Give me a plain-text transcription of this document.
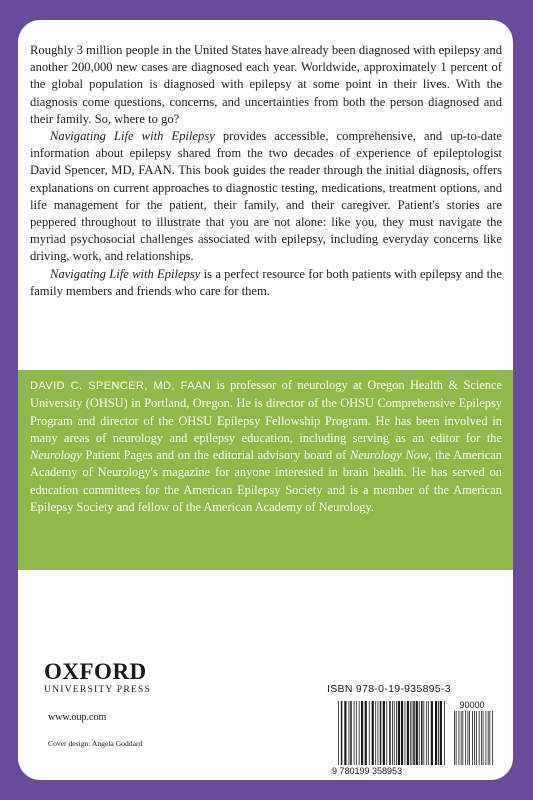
Roughly 3 million people in the United States have already been diagnosed with epilepsy and another 200,000 new cases are diagnosed each year. Worldwide, approximately 1 percent of the global population is diagnosed with epilepsy at some point in their lives. With the diagnosis come questions, concerns, and uncertainties from both the person diagnosed and their family. So, where to go?

Navigating Life with Epilepsy provides accessible, comprehensive, and up-to-date information about epilepsy shared from the two decades of experience of epileptologist David Spencer, MD, FAAN. This book guides the reader through the initial diagnosis, offers explanations on current approaches to diagnostic testing, medications, treatment options, and life management for the patient, their family, and their caregiver. Patient's stories are peppered throughout to illustrate that you are not alone: like you, they must navigate the myriad psychosocial challenges associated with epilepsy, including everyday concerns like driving, work, and relationships.

Navigating Life with Epilepsy is a perfect resource for both patients with epilepsy and the family members and friends who care for them.

DAVID C. SPENCER, MD, FAAN is professor of neurology at Oregon Health & Science University (OHSU) in Portland, Oregon. He is director of the OHSU Comprehensive Epilepsy Program and director of the OHSU Epilepsy Fellowship Program. He has been involved in many areas of neurology and epilepsy education, including serving as an editor for the Neurology Patient Pages and on the editorial advisory board of Neurology Now, the American Academy of Neurology's magazine for anyone interested in brain health. He has served on education committees for the American Epilepsy Society and is a member of the American Epilepsy Society and fellow of the American Academy of Neurology.

OXFORD
UNIVERSITY PRESS
www.oup.com
Cover design: Angela Goddard
ISBN 978-0-19-935895-3
90000
9 780199 358953
